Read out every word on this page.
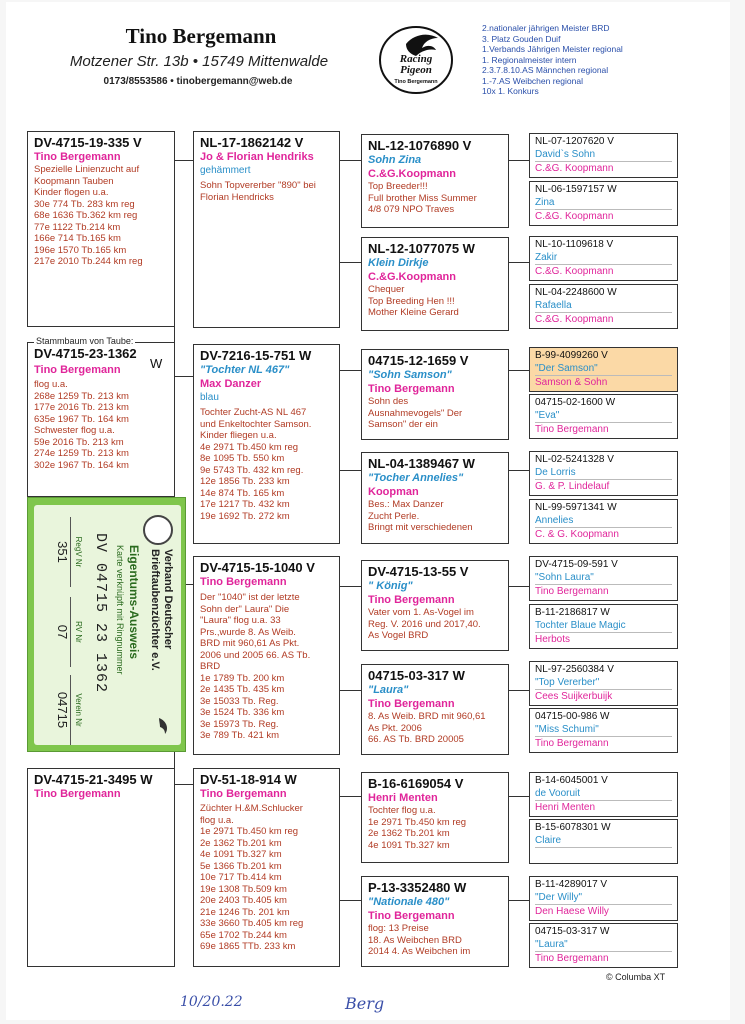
Tino Bergemann
Motzener Str. 13b • 15749 Mittenwalde
0173/8553586 • tinobergemann@web.de
Racing
Pigeon
Tino Bergemann
2.nationaler jährigen Meister BRD
3. Platz Gouden Duif
1.Verbands Jährigen Meister regional
1. Regionalmeister intern
2.3.7.8.10.AS Männchen regional
1.-7.AS Weibchen regional
10x 1. Konkurs
DV-4715-19-335 V
Tino Bergemann
Spezielle Linienzucht auf
Koopmann Tauben
Kinder flogen u.a.
30e 774 Tb. 283 km reg
68e 1636 Tb.362 km reg
77e 1122 Tb.214 km
166e 714 Tb.165 km
196e 1570 Tb.165 km
217e 2010 Tb.244 km reg
DV-4715-23-1362
Tino Bergemann
flog u.a.
268e 1259 Tb. 213 km
177e 2016 Tb. 213 km
635e 1967 Tb. 164 km
Schwester flog u.a.
59e 2016 Tb. 213 km
274e 1259 Tb. 213 km
302e 1967 Tb. 164 km
Stammbaum von Taube:
W
Verband Deutscher
Brieftaubenzüchter e.V.
Eigentums-Ausweis
Karte verknüpft mit Ringnummer
DV 04715 23 1362
RegV Nr
RV Nr
Verein Nr
351
07
04715
DV-4715-21-3495 W
Tino Bergemann
NL-17-1862142 V
Jo & Florian Hendriks
gehämmert
Sohn Topvererber "890" bei
Florian Hendricks
DV-7216-15-751 W
"Tochter NL 467"
Max Danzer
blau
Tochter Zucht-AS NL 467
und Enkeltochter Samson.
Kinder fliegen u.a.
4e 2971 Tb.450 km reg
8e 1095 Tb. 550 km
9e 5743 Tb. 432 km reg.
12e 1856 Tb. 233 km
14e 874 Tb. 165 km
17e 1217 Tb. 432 km
19e 1692 Tb. 272 km
DV-4715-15-1040 V
Tino Bergemann
Der "1040" ist der letzte
Sohn der" Laura" Die
"Laura" flog u.a. 33
Prs.,wurde 8. As Weib.
BRD mit 960,61 As Pkt.
2006 und 2005 66. AS Tb.
BRD
1e 1789 Tb. 200 km
2e 1435 Tb. 435 km
3e 15033 Tb. Reg.
3e 1524 Tb. 336 km
3e 15973 Tb. Reg.
3e 789 Tb. 421 km
DV-51-18-914 W
Tino Bergemann
Züchter H.&M.Schlucker
flog u.a.
1e 2971 Tb.450 km reg
2e 1362 Tb.201 km
4e 1091 Tb.327 km
5e 1366 Tb.201 km
10e 717 Tb.414 km
19e 1308 Tb.509 km
20e 2403 Tb.405 km
21e 1246 Tb. 201 km
33e 3660 Tb.405 km reg
65e 1702 Tb.244 km
69e 1865 TTb. 233 km
NL-12-1076890 V
Sohn Zina
C.&G.Koopmann
Top Breeder!!!
Full brother Miss Summer
4/8 079 NPO Traves
NL-12-1077075 W
Klein Dirkje
C.&G.Koopmann
Chequer
Top Breeding Hen !!!
Mother Kleine Gerard
04715-12-1659 V
"Sohn Samson"
Tino Bergemann
Sohn des
Ausnahmevogels" Der
Samson" der ein
NL-04-1389467 W
"Tocher Annelies"
Koopman
Bes.: Max Danzer
Zucht Perle.
Bringt mit verschiedenen
DV-4715-13-55 V
" König"
Tino Bergemann
Vater vom 1. As-Vogel im
Reg. V. 2016 und 2017,40.
As Vogel BRD
04715-03-317 W
"Laura"
Tino Bergemann
8. As Weib. BRD mit 960,61
As Pkt. 2006
66. AS Tb. BRD 20005
B-16-6169054 V
Henri Menten
Tochter flog u.a.
1e 2971 Tb.450 km reg
2e 1362 Tb.201 km
4e 1091 Tb.327 km
P-13-3352480 W
"Nationale 480"
Tino Bergemann
flog: 13 Preise
18. As Weibchen BRD
2014 4. As Weibchen im
NL-07-1207620 V
David`s Sohn
C.&G. Koopmann
NL-06-1597157 W
Zina
C.&G. Koopmann
NL-10-1109618 V
Zakir
C.&G. Koopmann
NL-04-2248600 W
Rafaella
C.&G. Koopmann
B-99-4099260 V
"Der Samson"
Samson & Sohn
04715-02-1600 W
"Eva"
Tino Bergemann
NL-02-5241328 V
De Lorris
G. & P. Lindelauf
NL-99-5971341 W
Annelies
C. & G. Koopmann
DV-4715-09-591 V
"Sohn Laura"
Tino Bergemann
B-11-2186817 W
Tochter Blaue Magic
Herbots
NL-97-2560384 V
"Top Vererber"
Cees Suijkerbuijk
04715-00-986 W
"Miss Schumi"
Tino Bergemann
B-14-6045001 V
de Vooruit
Henri Menten
B-15-6078301 W
Claire
B-11-4289017 V
"Der Willy"
Den Haese Willy
04715-03-317 W
"Laura"
Tino Bergemann
© Columba XT
10/20.22	Berg
